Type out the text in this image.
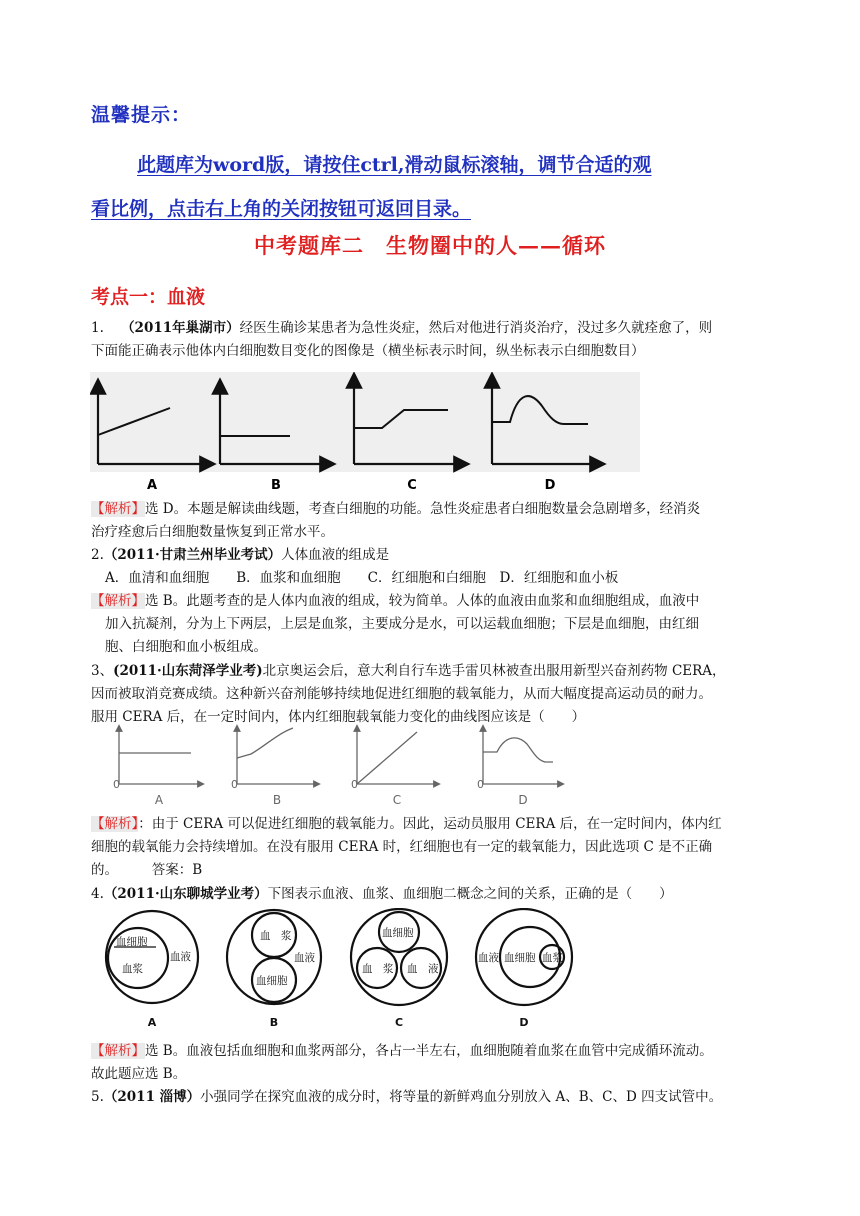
温馨提示：
此题库为word版，请按住ctrl,滑动鼠标滚轴，调节合适的观
看比例，点击右上角的关闭按钮可返回目录。
中考题库二　生物圈中的人——循环
考点一：血液
1. （2011年巢湖市）经医生确诊某患者为急性炎症，然后对他进行消炎治疗，没过多久就痊愈了，则
下面能正确表示他体内白细胞数目变化的图像是（横坐标表示时间，纵坐标表示白细胞数目）
A	B	C	D
【解析】选 D。本题是解读曲线题，考查白细胞的功能。急性炎症患者白细胞数量会急剧增多，经消炎
治疗痊愈后白细胞数量恢复到正常水平。
2.（2011·甘肃兰州毕业考试）人体血液的组成是
A．血清和血细胞　　B．血浆和血细胞　　C．红细胞和白细胞　D．红细胞和血小板
【解析】选 B。此题考查的是人体内血液的组成，较为简单。人体的血液由血浆和血细胞组成，血液中
加入抗凝剂，分为上下两层，上层是血浆，主要成分是水，可以运载血细胞；下层是血细胞，由红细
胞、白细胞和血小板组成。
3、(2011·山东菏泽学业考)北京奥运会后，意大利自行车选手雷贝林被查出服用新型兴奋剂药物 CERA，
因而被取消竞赛成绩。这种新兴奋剂能够持续地促进红细胞的载氧能力，从而大幅度提高运动员的耐力。
服用 CERA 后，在一定时间内，体内红细胞载氧能力变化的曲线图应该是（　　）
0	0	0	0
A	B	C	D
【解析】：由于 CERA 可以促进红细胞的载氧能力。因此，运动员服用 CERA 后，在一定时间内，体内红
细胞的载氧能力会持续增加。在没有服用 CERA 时，红细胞也有一定的载氧能力，因此选项 C 是不正确
的。　　　答案：B
4.（2011·山东聊城学业考）下图表示血液、血浆、血细胞二概念之间的关系，正确的是（　　）
血细胞
血浆
血液
血　浆
血细胞
血液
血细胞
血　浆 血　液
血液 血细胞 血浆
A	B	C	D
【解析】选 B。血液包括血细胞和血浆两部分，各占一半左右，血细胞随着血浆在血管中完成循环流动。
故此题应选 B。
5.（2011 淄博）小强同学在探究血液的成分时，将等量的新鲜鸡血分别放入 A、B、C、D 四支试管中。
